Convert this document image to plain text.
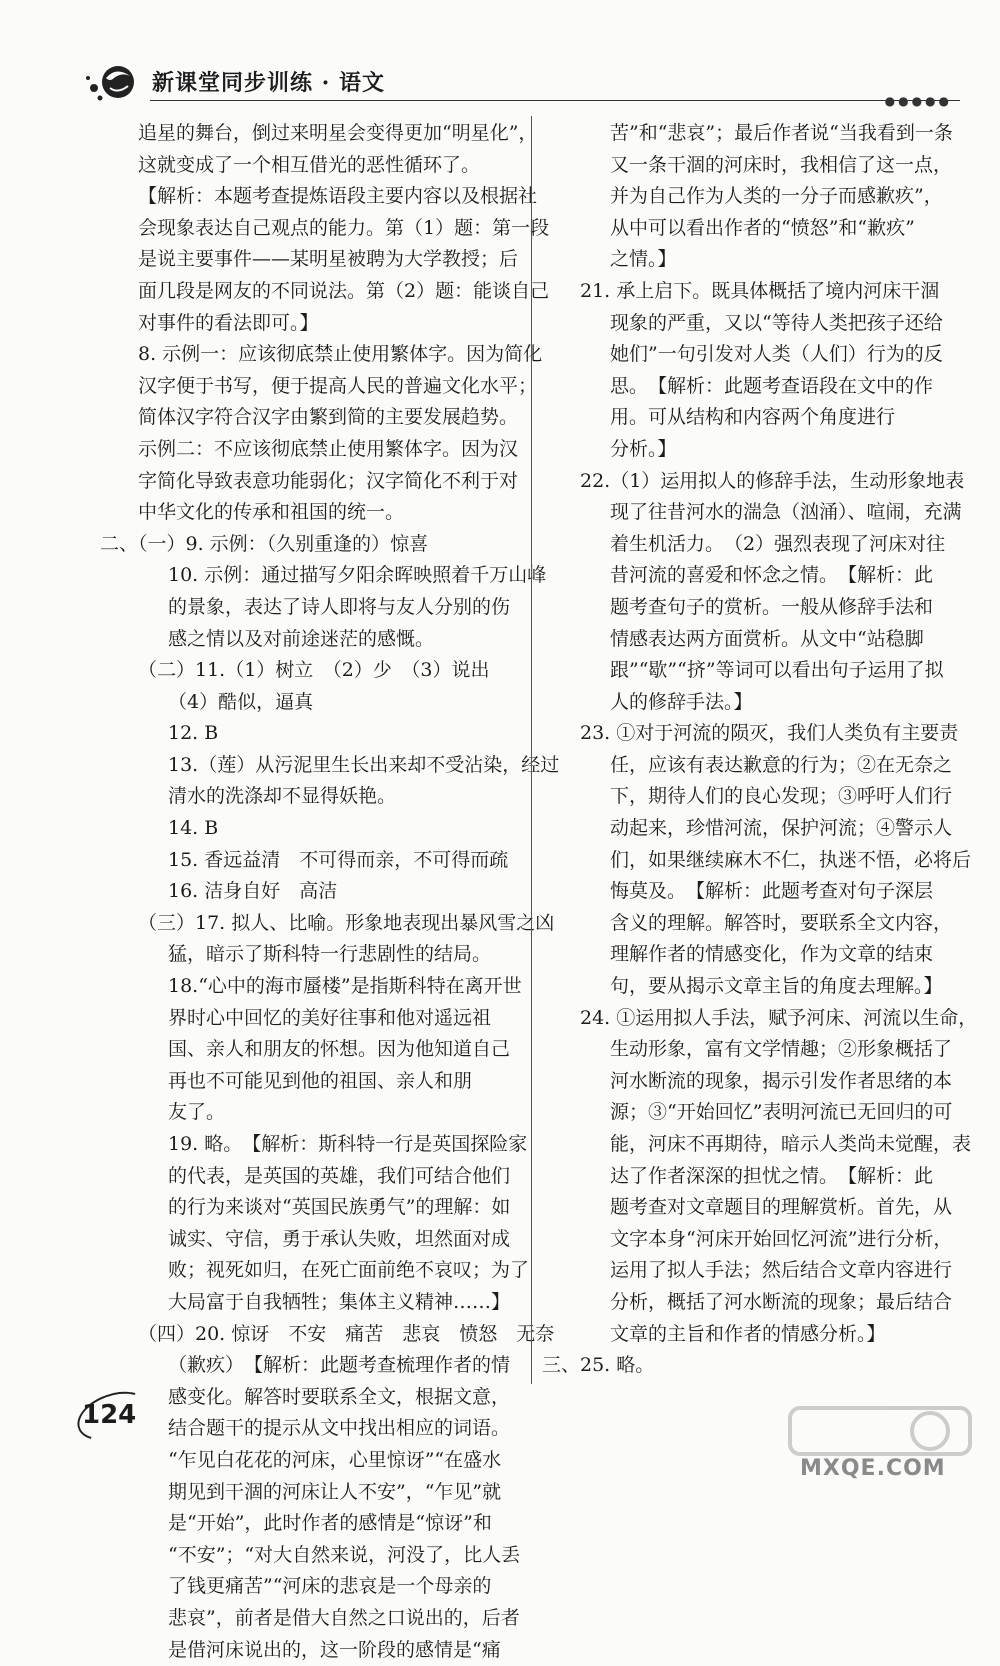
新课堂同步训练 · 语文
●●●●●
追星的舞台，倒过来明星会变得更加“明星化”，
这就变成了一个相互借光的恶性循环了。
【解析：本题考查提炼语段主要内容以及根据社
会现象表达自己观点的能力。第（1）题：第一段
是说主要事件——某明星被聘为大学教授；后
面几段是网友的不同说法。第（2）题：能谈自己
对事件的看法即可。】
8. 示例一：应该彻底禁止使用繁体字。因为简化
汉字便于书写，便于提高人民的普遍文化水平；
简体汉字符合汉字由繁到简的主要发展趋势。
示例二：不应该彻底禁止使用繁体字。因为汉
字简化导致表意功能弱化；汉字简化不利于对
中华文化的传承和祖国的统一。
二、（一）9. 示例：（久别重逢的）惊喜
10. 示例：通过描写夕阳余晖映照着千万山峰
的景象，表达了诗人即将与友人分别的伤
感之情以及对前途迷茫的感慨。
（二）11.（1）树立　（2）少　（3）说出
（4）酷似，逼真
12. B
13.（莲）从污泥里生长出来却不受沾染，经过
清水的洗涤却不显得妖艳。
14. B
15. 香远益清　不可得而亲，不可得而疏
16. 洁身自好　高洁
（三）17. 拟人、比喻。形象地表现出暴风雪之凶
猛，暗示了斯科特一行悲剧性的结局。
18.“心中的海市蜃楼”是指斯科特在离开世
界时心中回忆的美好往事和他对遥远祖
国、亲人和朋友的怀想。因为他知道自己
再也不可能见到他的祖国、亲人和朋
友了。
19. 略。　【解析：斯科特一行是英国探险家
的代表，是英国的英雄，我们可结合他们
的行为来谈对“英国民族勇气”的理解：如
诚实、守信，勇于承认失败，坦然面对成
败；视死如归，在死亡面前绝不哀叹；为了
大局富于自我牺牲；集体主义精神……】
（四）20. 惊讶　不安　痛苦　悲哀　愤怒　无奈
（歉疚）　【解析：此题考查梳理作者的情
感变化。解答时要联系全文，根据文意，
结合题干的提示从文中找出相应的词语。
“乍见白花花的河床，心里惊讶”“在盛水
期见到干涸的河床让人不安”，“乍见”就
是“开始”，此时作者的感情是“惊讶”和
“不安”；“对大自然来说，河没了，比人丢
了钱更痛苦”“河床的悲哀是一个母亲的
悲哀”，前者是借大自然之口说出的，后者
是借河床说出的，这一阶段的感情是“痛
苦”和“悲哀”；最后作者说“当我看到一条
又一条干涸的河床时，我相信了这一点，
并为自己作为人类的一分子而感歉疚”，
从中可以看出作者的“愤怒”和“歉疚”
之情。】
21. 承上启下。既具体概括了境内河床干涸
现象的严重，又以“等待人类把孩子还给
她们”一句引发对人类（人们）行为的反
思。　【解析：此题考查语段在文中的作
用。可从结构和内容两个角度进行
分析。】
22.（1）运用拟人的修辞手法，生动形象地表
现了往昔河水的湍急（汹涌）、喧闹，充满
着生机活力。　（2）强烈表现了河床对往
昔河流的喜爱和怀念之情。　【解析：此
题考查句子的赏析。一般从修辞手法和
情感表达两方面赏析。从文中“站稳脚
跟”“歇”“挤”等词可以看出句子运用了拟
人的修辞手法。】
23. ①对于河流的陨灭，我们人类负有主要责
任，应该有表达歉意的行为；②在无奈之
下，期待人们的良心发现；③呼吁人们行
动起来，珍惜河流，保护河流；④警示人
们，如果继续麻木不仁，执迷不悟，必将后
悔莫及。　【解析：此题考查对句子深层
含义的理解。解答时，要联系全文内容，
理解作者的情感变化，作为文章的结束
句，要从揭示文章主旨的角度去理解。】
24. ①运用拟人手法，赋予河床、河流以生命，
生动形象，富有文学情趣；②形象概括了
河水断流的现象，揭示引发作者思绪的本
源；③“开始回忆”表明河流已无回归的可
能，河床不再期待，暗示人类尚未觉醒，表
达了作者深深的担忧之情。　【解析：此
题考查对文章题目的理解赏析。首先，从
文字本身“河床开始回忆河流”进行分析，
运用了拟人手法；然后结合文章内容进行
分析，概括了河水断流的现象；最后结合
文章的主旨和作者的情感分析。】
三、25. 略。
124
MXQE.COM
